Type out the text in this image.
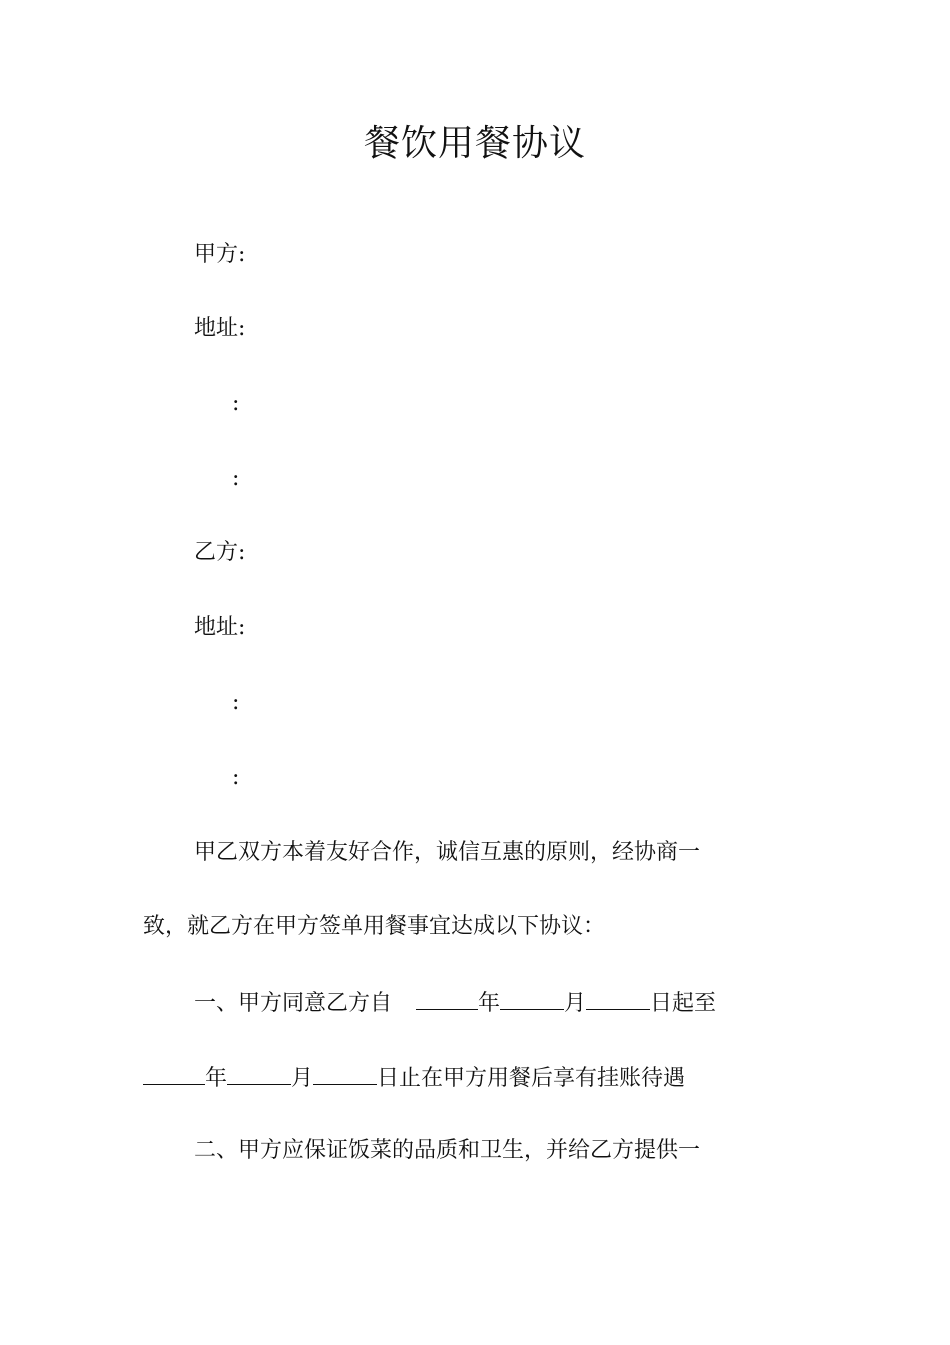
餐饮用餐协议

甲方:

地址:

:

:

乙方:

地址:

:

:

甲乙双方本着友好合作，诚信互惠的原则，经协商一

致，就乙方在甲方签单用餐事宜达成以下协议：

一、甲方同意乙方自	年	月	日起至

年	月	日止在甲方用餐后享有挂账待遇

二、甲方应保证饭菜的品质和卫生，并给乙方提供一
